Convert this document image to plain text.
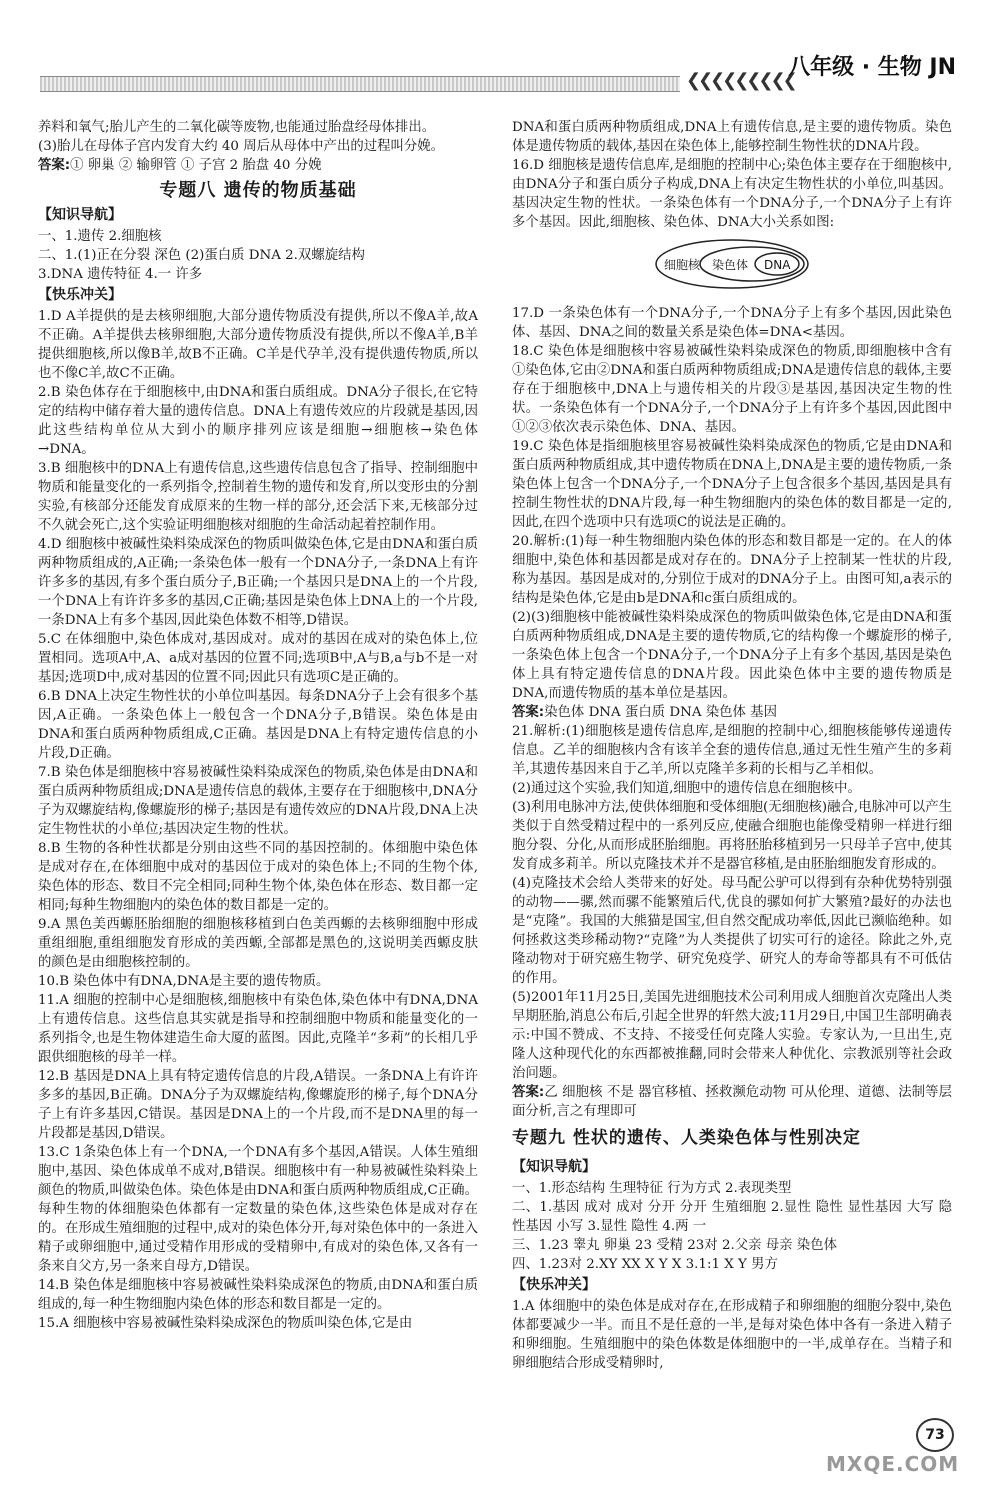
❮❮❮❮❮❮❮❮❮
八年级 · 生物 JN

养料和氧气;胎儿产生的二氧化碳等废物,也能通过胎盘经母体排出。

(3)胎儿在母体子宫内发育大约 40 周后从母体中产出的过程叫分娩。

答案:① 卵巢 ② 输卵管 ① 子宫 2 胎盘 40 分娩

专题八 遗传的物质基础
【知识导航】

一、1.遗传 2.细胞核

二、1.(1)正在分裂 深色 (2)蛋白质 DNA 2.双螺旋结构

3.DNA 遗传特征 4.一 许多

【快乐冲关】

1.D A羊提供的是去核卵细胞,大部分遗传物质没有提供,所以不像A羊,故A不正确。A羊提供去核卵细胞,大部分遗传物质没有提供,所以不像A羊,B羊提供细胞核,所以像B羊,故B不正确。C羊是代孕羊,没有提供遗传物质,所以也不像C羊,故C不正确。

2.B 染色体存在于细胞核中,由DNA和蛋白质组成。DNA分子很长,在它特定的结构中储存着大量的遗传信息。DNA上有遗传效应的片段就是基因,因此这些结构单位从大到小的顺序排列应该是细胞→细胞核→染色体→DNA。

3.B 细胞核中的DNA上有遗传信息,这些遗传信息包含了指导、控制细胞中物质和能量变化的一系列指令,控制着生物的遗传和发育,所以变形虫的分割实验,有核部分还能发育成原来的生物一样的部分,还会活下来,无核部分过不久就会死亡,这个实验证明细胞核对细胞的生命活动起着控制作用。

4.D 细胞核中被碱性染料染成深色的物质叫做染色体,它是由DNA和蛋白质两种物质组成的,A正确;一条染色体一般有一个DNA分子,一条DNA上有许许多多的基因,有多个蛋白质分子,B正确;一个基因只是DNA上的一个片段,一个DNA上有许许多多的基因,C正确;基因是染色体上DNA上的一个片段,一条DNA上有多个基因,因此染色体数不相等,D错误。

5.C 在体细胞中,染色体成对,基因成对。成对的基因在成对的染色体上,位置相同。选项A中,A、a成对基因的位置不同;选项B中,A与B,a与b不是一对基因;选项D中,成对基因的位置不同;因此只有选项C是正确的。

6.B DNA上决定生物性状的小单位叫基因。每条DNA分子上会有很多个基因,A正确。一条染色体上一般包含一个DNA分子,B错误。染色体是由DNA和蛋白质两种物质组成,C正确。基因是DNA上有特定遗传信息的小片段,D正确。

7.B 染色体是细胞核中容易被碱性染料染成深色的物质,染色体是由DNA和蛋白质两种物质组成;DNA是遗传信息的载体,主要存在于细胞核中,DNA分子为双螺旋结构,像螺旋形的梯子;基因是有遗传效应的DNA片段,DNA上决定生物性状的小单位;基因决定生物的性状。

8.B 生物的各种性状都是分别由这些不同的基因控制的。体细胞中染色体是成对存在,在体细胞中成对的基因位于成对的染色体上;不同的生物个体,染色体的形态、数目不完全相同;同种生物个体,染色体在形态、数目都一定相同;每种生物细胞内的染色体的数目都是一定的。

9.A 黑色美西螈胚胎细胞的细胞核移植到白色美西螈的去核卵细胞中形成重组细胞,重组细胞发育形成的美西螈,全部都是黑色的,这说明美西螈皮肤的颜色是由细胞核控制的。

10.B 染色体中有DNA,DNA是主要的遗传物质。

11.A 细胞的控制中心是细胞核,细胞核中有染色体,染色体中有DNA,DNA上有遗传信息。这些信息其实就是指导和控制细胞中物质和能量变化的一系列指令,也是生物体建造生命大厦的蓝图。因此,克隆羊“多莉”的长相几乎跟供细胞核的母羊一样。

12.B 基因是DNA上具有特定遗传信息的片段,A错误。一条DNA上有许许多多的基因,B正确。DNA分子为双螺旋结构,像螺旋形的梯子,每个DNA分子上有许多基因,C错误。基因是DNA上的一个片段,而不是DNA里的每一片段都是基因,D错误。

13.C 1条染色体上有一个DNA,一个DNA有多个基因,A错误。人体生殖细胞中,基因、染色体成单不成对,B错误。细胞核中有一种易被碱性染料染上颜色的物质,叫做染色体。染色体是由DNA和蛋白质两种物质组成,C正确。每种生物的体细胞染色体都有一定数量的染色体,这些染色体是成对存在的。在形成生殖细胞的过程中,成对的染色体分开,每对染色体中的一条进入精子或卵细胞中,通过受精作用形成的受精卵中,有成对的染色体,又各有一条来自父方,另一条来自母方,D错误。

14.B 染色体是细胞核中容易被碱性染料染成深色的物质,由DNA和蛋白质组成的,每一种生物细胞内染色体的形态和数目都是一定的。

15.A 细胞核中容易被碱性染料染成深色的物质叫染色体,它是由

DNA和蛋白质两种物质组成,DNA上有遗传信息,是主要的遗传物质。染色体是遗传物质的载体,基因在染色体上,能够控制生物性状的DNA片段。

16.D 细胞核是遗传信息库,是细胞的控制中心;染色体主要存在于细胞核中,由DNA分子和蛋白质分子构成,DNA上有决定生物性状的小单位,叫基因。基因决定生物的性状。一条染色体有一个DNA分子,一个DNA分子上有许多个基因。因此,细胞核、染色体、DNA大小关系如图:

细胞核 染色体 DNA

17.D 一条染色体有一个DNA分子,一个DNA分子上有多个基因,因此染色体、基因、DNA之间的数量关系是染色体=DNA<基因。

18.C 染色体是细胞核中容易被碱性染料染成深色的物质,即细胞核中含有①染色体,它由②DNA和蛋白质两种物质组成;DNA是遗传信息的载体,主要存在于细胞核中,DNA上与遗传相关的片段③是基因,基因决定生物的性状。一条染色体有一个DNA分子,一个DNA分子上有许多个基因,因此图中①②③依次表示染色体、DNA、基因。

19.C 染色体是指细胞核里容易被碱性染料染成深色的物质,它是由DNA和蛋白质两种物质组成,其中遗传物质在DNA上,DNA是主要的遗传物质,一条染色体上包含一个DNA分子,一个DNA分子上包含很多个基因,基因是具有控制生物性状的DNA片段,每一种生物细胞内的染色体的数目都是一定的,因此,在四个选项中只有选项C的说法是正确的。

20.解析:(1)每一种生物细胞内染色体的形态和数目都是一定的。在人的体细胞中,染色体和基因都是成对存在的。DNA分子上控制某一性状的片段,称为基因。基因是成对的,分别位于成对的DNA分子上。由图可知,a表示的结构是染色体,它是由b是DNA和c蛋白质组成的。

(2)(3)细胞核中能被碱性染料染成深色的物质叫做染色体,它是由DNA和蛋白质两种物质组成,DNA是主要的遗传物质,它的结构像一个螺旋形的梯子,一条染色体上包含一个DNA分子,一个DNA分子上有多个基因,基因是染色体上具有特定遗传信息的DNA片段。因此染色体中主要的遗传物质是DNA,而遗传物质的基本单位是基因。

答案:染色体 DNA 蛋白质 DNA 染色体 基因

21.解析:(1)细胞核是遗传信息库,是细胞的控制中心,细胞核能够传递遗传信息。乙羊的细胞核内含有该羊全套的遗传信息,通过无性生殖产生的多莉羊,其遗传基因来自于乙羊,所以克隆羊多莉的长相与乙羊相似。

(2)通过这个实验,我们知道,细胞中的遗传信息在细胞核中。

(3)利用电脉冲方法,使供体细胞和受体细胞(无细胞核)融合,电脉冲可以产生类似于自然受精过程中的一系列反应,使融合细胞也能像受精卵一样进行细胞分裂、分化,从而形成胚胎细胞。再将胚胎移植到另一只母羊子宫中,使其发育成多莉羊。所以克隆技术并不是器官移植,是由胚胎细胞发育形成的。

(4)克隆技术会给人类带来的好处。母马配公驴可以得到有杂种优势特别强的动物——骡,然而骡不能繁殖后代,优良的骡如何扩大繁殖?最好的办法也是“克隆”。我国的大熊猫是国宝,但自然交配成功率低,因此已濒临绝种。如何拯救这类珍稀动物?“克隆”为人类提供了切实可行的途径。除此之外,克隆动物对于研究癌生物学、研究免疫学、研究人的寿命等都具有不可低估的作用。

(5)2001年11月25日,美国先进细胞技术公司利用成人细胞首次克隆出人类早期胚胎,消息公布后,引起全世界的轩然大波;11月29日,中国卫生部明确表示:中国不赞成、不支持、不接受任何克隆人实验。专家认为,一旦出生,克隆人这种现代化的东西都被推翻,同时会带来人种优化、宗教派别等社会政治问题。

答案:乙 细胞核 不是 器官移植、拯救濒危动物 可从伦理、道德、法制等层面分析,言之有理即可

专题九 性状的遗传、人类染色体与性别决定
【知识导航】

一、1.形态结构 生理特征 行为方式 2.表现类型

二、1.基因 成对 成对 分开 分开 生殖细胞 2.显性 隐性 显性基因 大写 隐性基因 小写 3.显性 隐性 4.两 一

三、1.23 睾丸 卵巢 23 受精 23对 2.父亲 母亲 染色体

四、1.23对 2.XY XX X Y X 3.1:1 X Y 男方

【快乐冲关】

1.A 体细胞中的染色体是成对存在,在形成精子和卵细胞的细胞分裂中,染色体都要减少一半。而且不是任意的一半,是每对染色体中各有一条进入精子和卵细胞。生殖细胞中的染色体数是体细胞中的一半,成单存在。当精子和卵细胞结合形成受精卵时,

73
MXQE.COM
